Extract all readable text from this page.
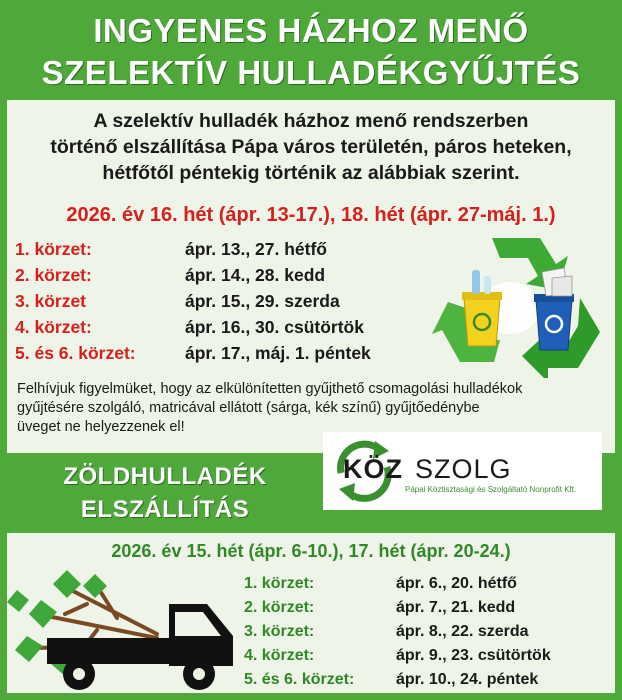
INGYENES HÁZHOZ MENŐ
SZELEKTÍV HULLADÉKGYŰJTÉS
A szelektív hulladék házhoz menő rendszerben
történő elszállítása Pápa város területén, páros heteken,
hétfőtől péntekig történik az alábbiak szerint.
2026. év 16. hét (ápr. 13-17.), 18. hét (ápr. 27-máj. 1.)
1. körzet:	ápr. 13., 27. hétfő
2. körzet:	ápr. 14., 28. kedd
3. körzet	ápr. 15., 29. szerda
4. körzet:	ápr. 16., 30. csütörtök
5. és 6. körzet:	ápr. 17., máj. 1. péntek
Felhívjuk figyelmüket, hogy az elkülönítetten gyűjthető csomagolási hulladékok
gyűjtésére szolgáló, matricával ellátott (sárga, kék színű) gyűjtőedénybe
üveget ne helyezzenek el!
ZÖLDHULLADÉK
ELSZÁLLÍTÁS
KÖZ SZOLG
Pápai Köztisztasági és Szolgáltató Nonprofit Kft.
2026. év 15. hét (ápr. 6-10.), 17. hét (ápr. 20-24.)
1. körzet:	ápr. 6., 20. hétfő
2. körzet:	ápr. 7., 21. kedd
3. körzet:	ápr. 8., 22. szerda
4. körzet:	ápr. 9., 23. csütörtök
5. és 6. körzet:	ápr. 10., 24. péntek
